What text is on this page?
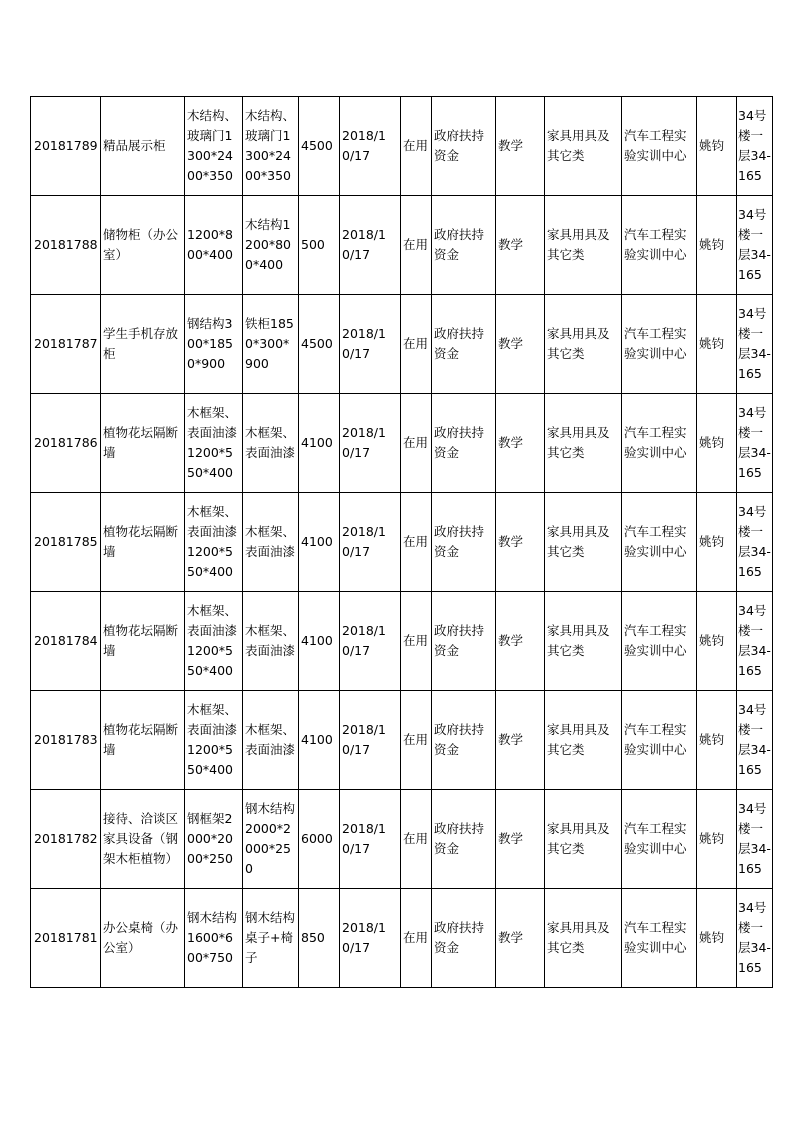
20181789	精品展示柜	木结构、玻璃门1300*2400*350	木结构、玻璃门1300*2400*350	4500	2018/10/17	在用	政府扶持资金	教学	家具用具及其它类	汽车工程实验实训中心	姚钧	34号楼一层34-165
20181788	储物柜（办公室）	1200*800*400	木结构1200*800*400	500	2018/10/17	在用	政府扶持资金	教学	家具用具及其它类	汽车工程实验实训中心	姚钧	34号楼一层34-165
20181787	学生手机存放柜	钢结构300*1850*900	铁柜1850*300*900	4500	2018/10/17	在用	政府扶持资金	教学	家具用具及其它类	汽车工程实验实训中心	姚钧	34号楼一层34-165
20181786	植物花坛隔断墙	木框架、表面油漆1200*550*400	木框架、表面油漆	4100	2018/10/17	在用	政府扶持资金	教学	家具用具及其它类	汽车工程实验实训中心	姚钧	34号楼一层34-165
20181785	植物花坛隔断墙	木框架、表面油漆1200*550*400	木框架、表面油漆	4100	2018/10/17	在用	政府扶持资金	教学	家具用具及其它类	汽车工程实验实训中心	姚钧	34号楼一层34-165
20181784	植物花坛隔断墙	木框架、表面油漆1200*550*400	木框架、表面油漆	4100	2018/10/17	在用	政府扶持资金	教学	家具用具及其它类	汽车工程实验实训中心	姚钧	34号楼一层34-165
20181783	植物花坛隔断墙	木框架、表面油漆1200*550*400	木框架、表面油漆	4100	2018/10/17	在用	政府扶持资金	教学	家具用具及其它类	汽车工程实验实训中心	姚钧	34号楼一层34-165
20181782	接待、洽谈区家具设备（钢架木柜植物）	钢框架2000*2000*250	钢木结构2000*2000*250	6000	2018/10/17	在用	政府扶持资金	教学	家具用具及其它类	汽车工程实验实训中心	姚钧	34号楼一层34-165
20181781	办公桌椅（办公室）	钢木结构1600*600*750	钢木结构桌子+椅子	850	2018/10/17	在用	政府扶持资金	教学	家具用具及其它类	汽车工程实验实训中心	姚钧	34号楼一层34-165
